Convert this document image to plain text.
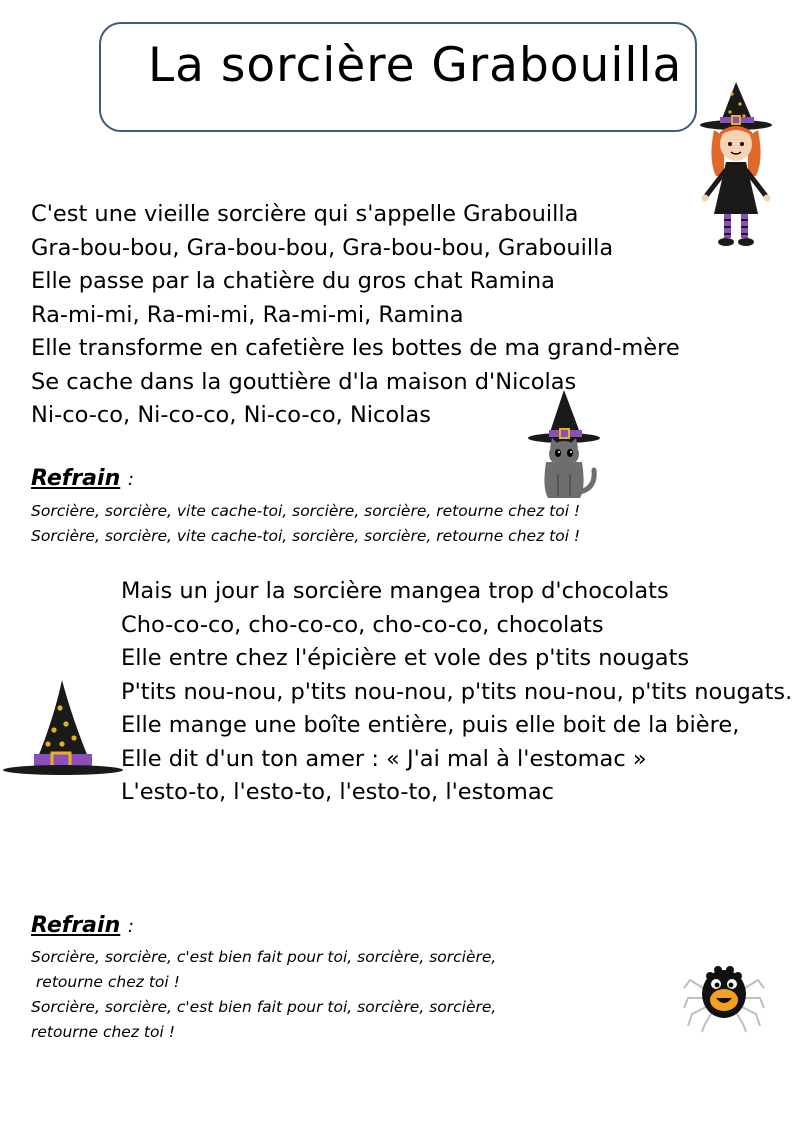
La sorcière Grabouilla
C'est une vieille sorcière qui s'appelle Grabouilla
Gra-bou-bou, Gra-bou-bou, Gra-bou-bou, Grabouilla
Elle passe par la chatière du gros chat Ramina
Ra-mi-mi, Ra-mi-mi, Ra-mi-mi, Ramina
Elle transforme en cafetière les bottes de ma grand-mère
Se cache dans la gouttière d'la maison d'Nicolas
Ni-co-co, Ni-co-co, Ni-co-co, Nicolas
Refrain :
Sorcière, sorcière, vite cache-toi, sorcière, sorcière, retourne chez toi !
Sorcière, sorcière, vite cache-toi, sorcière, sorcière, retourne chez toi !
Mais un jour la sorcière mangea trop d'chocolats
Cho-co-co, cho-co-co, cho-co-co, chocolats
Elle entre chez l'épicière et vole des p'tits nougats
P'tits nou-nou, p'tits nou-nou, p'tits nou-nou, p'tits nougats.
Elle mange une boîte entière, puis elle boit de la bière,
Elle dit d'un ton amer : « J'ai mal à l'estomac »
L'esto-to, l'esto-to, l'esto-to, l'estomac
Refrain :
Sorcière, sorcière, c'est bien fait pour toi, sorcière, sorcière,
retourne chez toi !
Sorcière, sorcière, c'est bien fait pour toi, sorcière, sorcière,
retourne chez toi !
